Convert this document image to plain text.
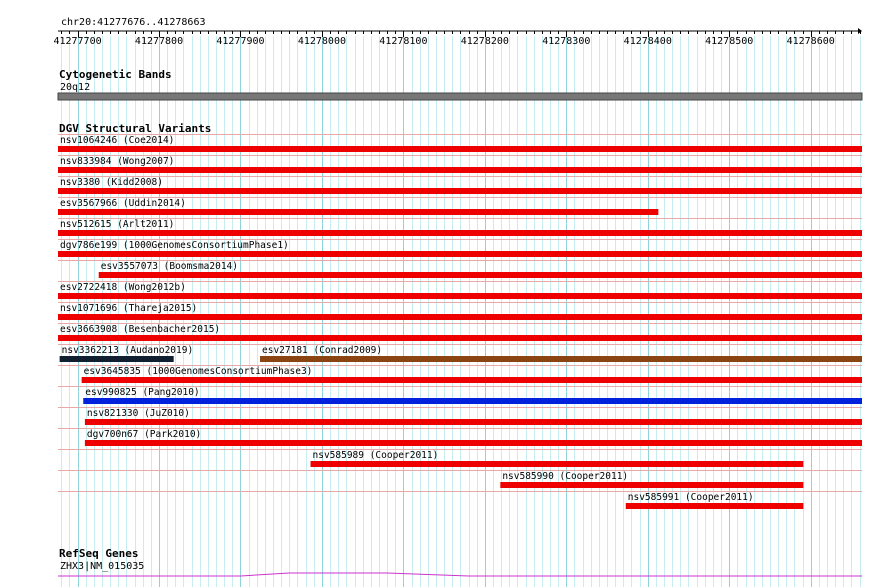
chr20:41277676..41278663
41277700	41277800	41277900	41278000	41278100	41278200	41278300	41278400	41278500	41278600
Cytogenetic Bands
20q12
DGV Structural Variants
nsv1064246 (Coe2014)
nsv833984 (Wong2007)
nsv3380 (Kidd2008)
esv3567966 (Uddin2014)
nsv512615 (Arlt2011)
dgv786e199 (1000GenomesConsortiumPhase1)
esv3557073 (Boomsma2014)
esv2722418 (Wong2012b)
nsv1071696 (Thareja2015)
esv3663908 (Besenbacher2015)
nsv3362213 (Audano2019)	esv27181 (Conrad2009)
esv3645835 (1000GenomesConsortiumPhase3)
esv990825 (Pang2010)
nsv821330 (JuZ010)
dgv700n67 (Park2010)
nsv585989 (Cooper2011)
nsv585990 (Cooper2011)
nsv585991 (Cooper2011)
RefSeq Genes
ZHX3|NM_015035
